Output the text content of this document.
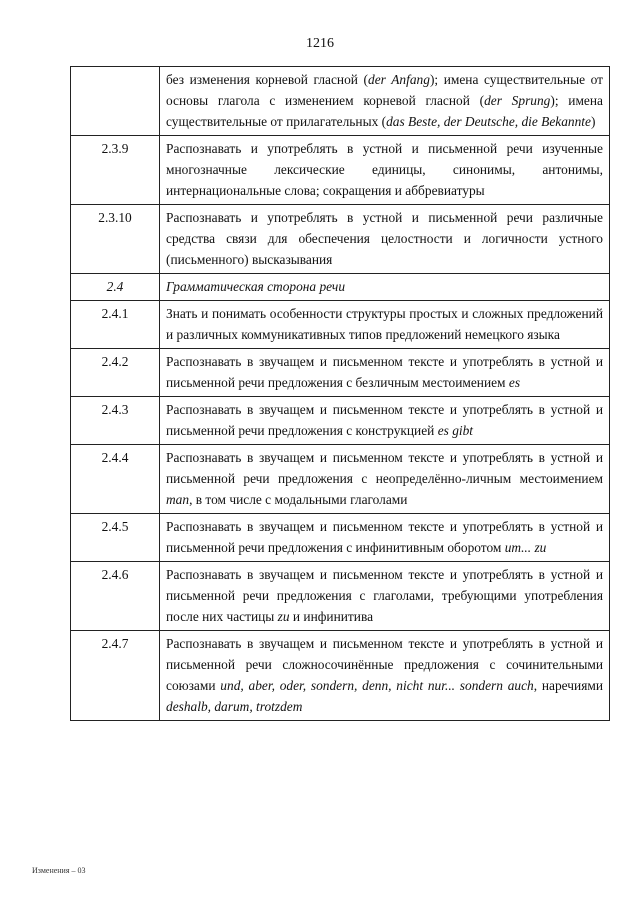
1216
	без изменения корневой гласной (der Anfang); имена существительные от основы глагола с изменением корневой гласной (der Sprung); имена существительные от прилагательных (das Beste, der Deutsche, die Bekannte)
2.3.9	Распознавать и употреблять в устной и письменной речи изученные многозначные лексические единицы, синонимы, антонимы, интернациональные слова; сокращения и аббревиатуры
2.3.10	Распознавать и употреблять в устной и письменной речи различные средства связи для обеспечения целостности и логичности устного (письменного) высказывания
2.4	Грамматическая сторона речи
2.4.1	Знать и понимать особенности структуры простых и сложных предложений и различных коммуникативных типов предложений немецкого языка
2.4.2	Распознавать в звучащем и письменном тексте и употреблять в устной и письменной речи предложения с безличным местоимением es
2.4.3	Распознавать в звучащем и письменном тексте и употреблять в устной и письменной речи предложения с конструкцией es gibt
2.4.4	Распознавать в звучащем и письменном тексте и употреблять в устной и письменной речи предложения с неопределённо-личным местоимением man, в том числе с модальными глаголами
2.4.5	Распознавать в звучащем и письменном тексте и употреблять в устной и письменной речи предложения с инфинитивным оборотом um... zu
2.4.6	Распознавать в звучащем и письменном тексте и употреблять в устной и письменной речи предложения с глаголами, требующими употребления после них частицы zu и инфинитива
2.4.7	Распознавать в звучащем и письменном тексте и употреблять в устной и письменной речи сложносочинённые предложения с сочинительными союзами und, aber, oder, sondern, denn, nicht nur... sondern auch, наречиями deshalb, darum, trotzdem
Изменения – 03
